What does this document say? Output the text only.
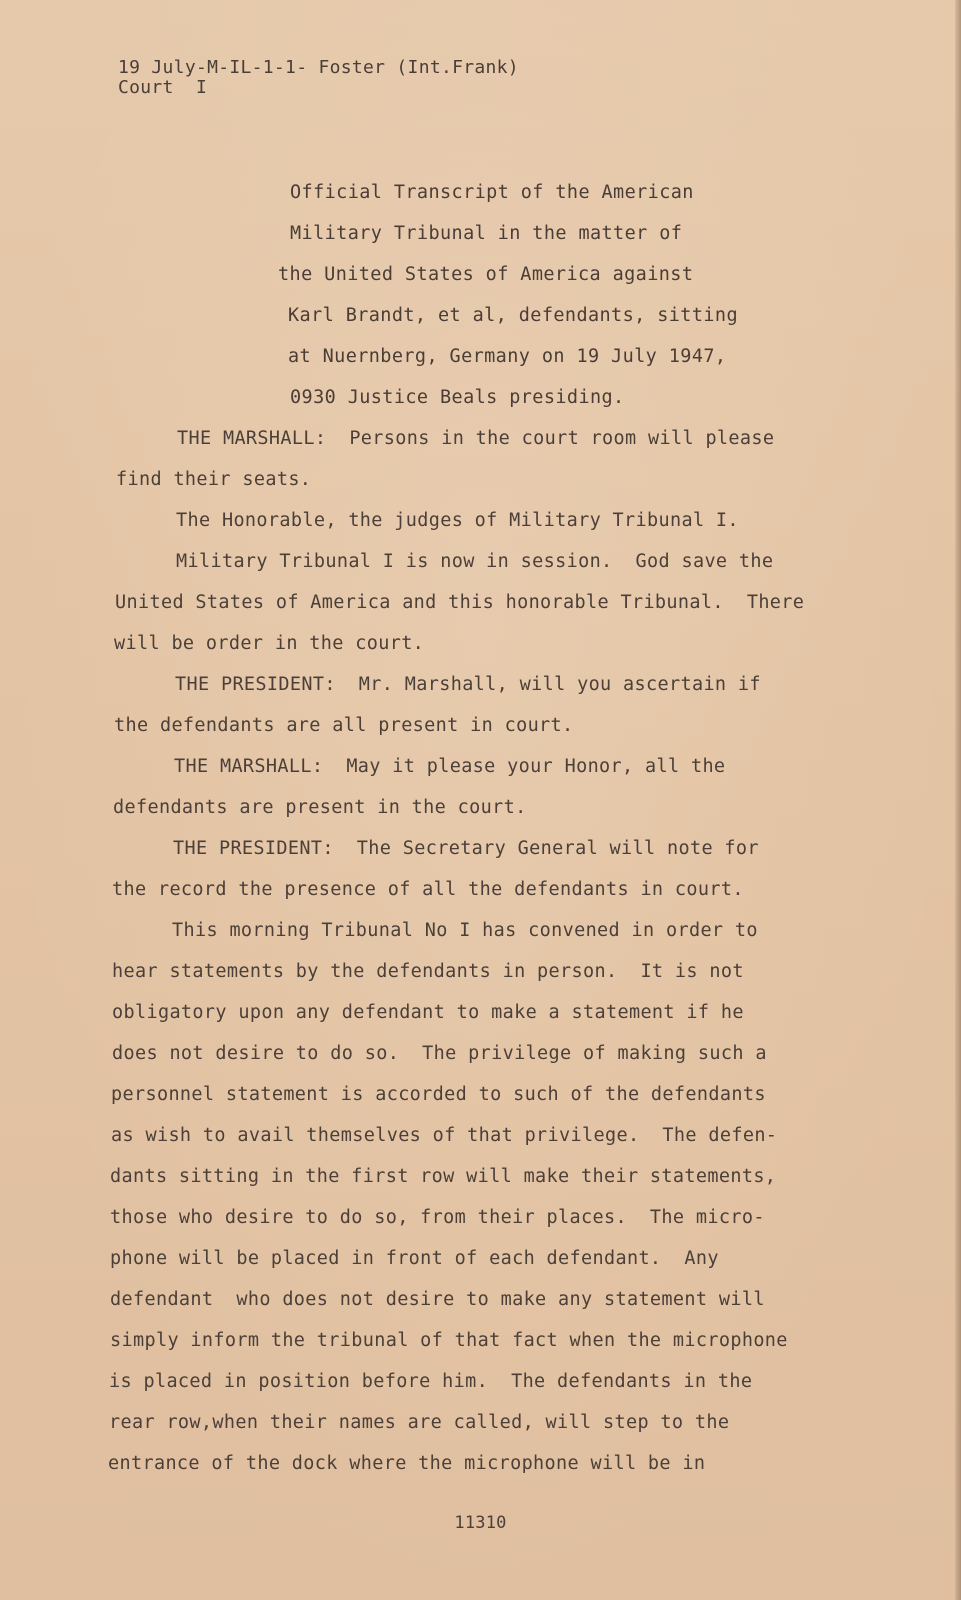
19 July-M-IL-1-1- Foster (Int.Frank)
Court  I
Official Transcript of the American
Military Tribunal in the matter of
the United States of America against
Karl Brandt, et al, defendants, sitting
at Nuernberg, Germany on 19 July 1947,
0930 Justice Beals presiding.
THE MARSHALL:  Persons in the court room will please
find their seats.
The Honorable, the judges of Military Tribunal I.
Military Tribunal I is now in session.  God save the
United States of America and this honorable Tribunal.  There
will be order in the court.
THE PRESIDENT:  Mr. Marshall, will you ascertain if
the defendants are all present in court.
THE MARSHALL:  May it please your Honor, all the
defendants are present in the court.
THE PRESIDENT:  The Secretary General will note for
the record the presence of all the defendants in court.
This morning Tribunal No I has convened in order to
hear statements by the defendants in person.  It is not
obligatory upon any defendant to make a statement if he
does not desire to do so.  The privilege of making such a
personnel statement is accorded to such of the defendants
as wish to avail themselves of that privilege.  The defen-
dants sitting in the first row will make their statements,
those who desire to do so, from their places.  The micro-
phone will be placed in front of each defendant.  Any
defendant  who does not desire to make any statement will
simply inform the tribunal of that fact when the microphone
is placed in position before him.  The defendants in the
rear row,when their names are called, will step to the
entrance of the dock where the microphone will be in
11310
